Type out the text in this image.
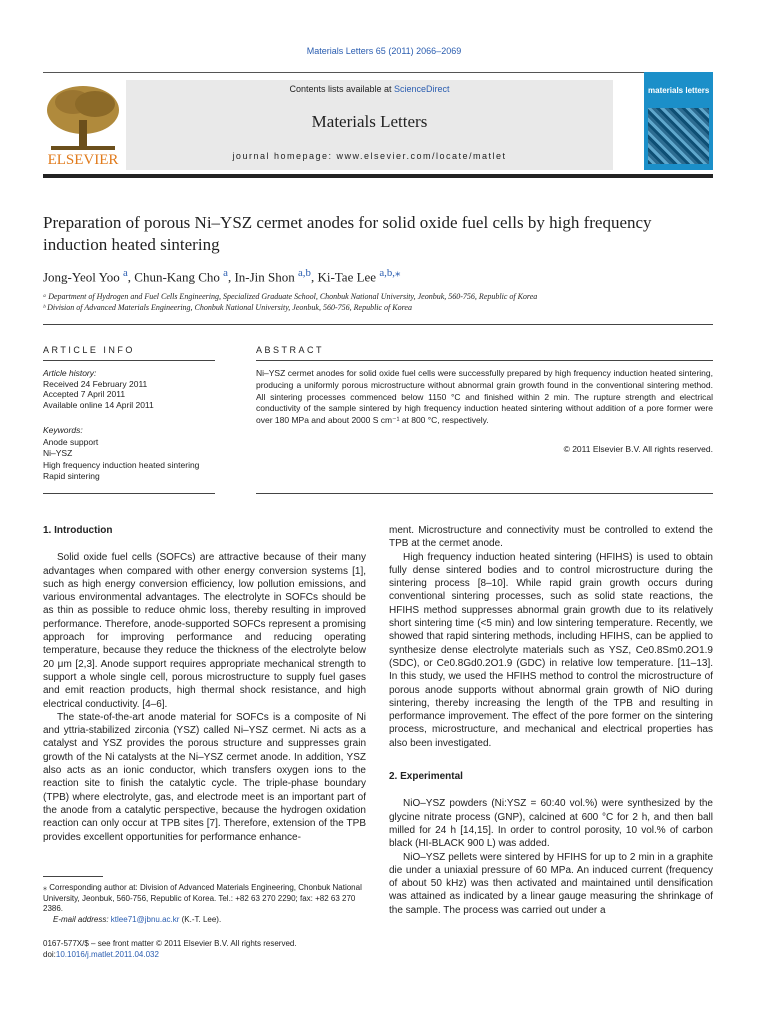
Materials Letters 65 (2011) 2066–2069
ELSEVIER
Contents lists available at ScienceDirect
Materials Letters
journal homepage: www.elsevier.com/locate/matlet
materials letters
Preparation of porous Ni–YSZ cermet anodes for solid oxide fuel cells by high frequency induction heated sintering
Jong-Yeol Yoo $^a$, Chun-Kang Cho $^a$, In-Jin Shon $^{a,b}$, Ki-Tae Lee $^{a,b,⁎}$
ᵃ Department of Hydrogen and Fuel Cells Engineering, Specialized Graduate School, Chonbuk National University, Jeonbuk, 560-756, Republic of Korea
ᵇ Division of Advanced Materials Engineering, Chonbuk National University, Jeonbuk, 560-756, Republic of Korea
ARTICLE INFO
Article history:
Received 24 February 2011
Accepted 7 April 2011
Available online 14 April 2011
Keywords:
Anode support
Ni–YSZ
High frequency induction heated sintering
Rapid sintering
ABSTRACT
Ni–YSZ cermet anodes for solid oxide fuel cells were successfully prepared by high frequency induction heated sintering, producing a uniformly porous microstructure without abnormal grain growth found in the conventional sintering method. All sintering processes commenced below 1150 °C and finished within 2 min. The rupture strength and electrical conductivity of the sample sintered by high frequency induction heated sintering without addition of a pore former were over 180 MPa and about 2000 S cm⁻¹ at 800 °C, respectively.
© 2011 Elsevier B.V. All rights reserved.
1. Introduction

Solid oxide fuel cells (SOFCs) are attractive because of their many advantages when compared with other energy conversion systems [1], such as high energy conversion efficiency, low pollution emissions, and various environmental advantages. The electrolyte in SOFCs should be as thin as possible to reduce ohmic loss, thereby resulting in improved performance. Therefore, anode-supported SOFCs represent a promising approach for improving performance and reducing operating temperature, because they reduce the thickness of the electrolyte below 20 μm [2,3]. Anode support requires appropriate mechanical strength to support a whole single cell, porous microstructure to supply fuel gases and emit reaction products, high thermal shock resistance, and high electrical conductivity. [4–6].

The state-of-the-art anode material for SOFCs is a composite of Ni and yttria-stabilized zirconia (YSZ) called Ni–YSZ cermet. Ni acts as a catalyst and YSZ provides the porous structure and suppresses grain growth of the Ni catalysts at the Ni–YSZ cermet anode. In addition, YSZ also acts as an ionic conductor, which transfers oxygen ions to the reaction site to finish the catalytic cycle. The triple-phase boundary (TPB) where electrolyte, gas, and electrode meet is an important part of the anode from a catalytic perspective, because the hydrogen oxidation reaction can only occur at TPB sites [7]. Therefore, extension of the TPB provides excellent opportunities for performance enhance-

ment. Microstructure and connectivity must be controlled to extend the TPB at the cermet anode.

High frequency induction heated sintering (HFIHS) is used to obtain fully dense sintered bodies and to control microstructure during the sintering process [8–10]. While rapid grain growth occurs during conventional sintering processes, such as solid state reactions, the HFIHS method suppresses abnormal grain growth due to its relatively short sintering time (<5 min) and low sintering temperature. Recently, we showed that rapid sintering methods, including HFIHS, can be applied to synthesize dense electrolyte materials such as YSZ, Ce0.8Sm0.2O1.9 (SDC), or Ce0.8Gd0.2O1.9 (GDC) in relative low temperature. [11–13]. In this study, we used the HFIHS method to control the microstructure of porous anode supports without abnormal grain growth of NiO during sintering, thereby increasing the length of the TPB and resulting in performance improvement. The effect of the pore former on the sintering process, microstructure, and mechanical and electrical properties has also been investigated.

2. Experimental

NiO–YSZ powders (Ni:YSZ = 60:40 vol.%) were synthesized by the glycine nitrate process (GNP), calcined at 600 °C for 2 h, and then ball milled for 24 h [14,15]. In order to control porosity, 10 vol.% of carbon black (HI-BLACK 900 L) was added.

NiO–YSZ pellets were sintered by HFIHS for up to 2 min in a graphite die under a uniaxial pressure of 60 MPa. An induced current (frequency of about 50 kHz) was then activated and maintained until densification was attained as indicated by a linear gauge measuring the shrinkage of the sample. The process was carried out under a

⁎ Corresponding author at: Division of Advanced Materials Engineering, Chonbuk National University, Jeonbuk, 560-756, Republic of Korea. Tel.: +82 63 270 2290; fax: +82 63 270 2386.
E-mail address: ktlee71@jbnu.ac.kr (K.-T. Lee).
0167-577X/$ – see front matter © 2011 Elsevier B.V. All rights reserved.
doi:10.1016/j.matlet.2011.04.032
